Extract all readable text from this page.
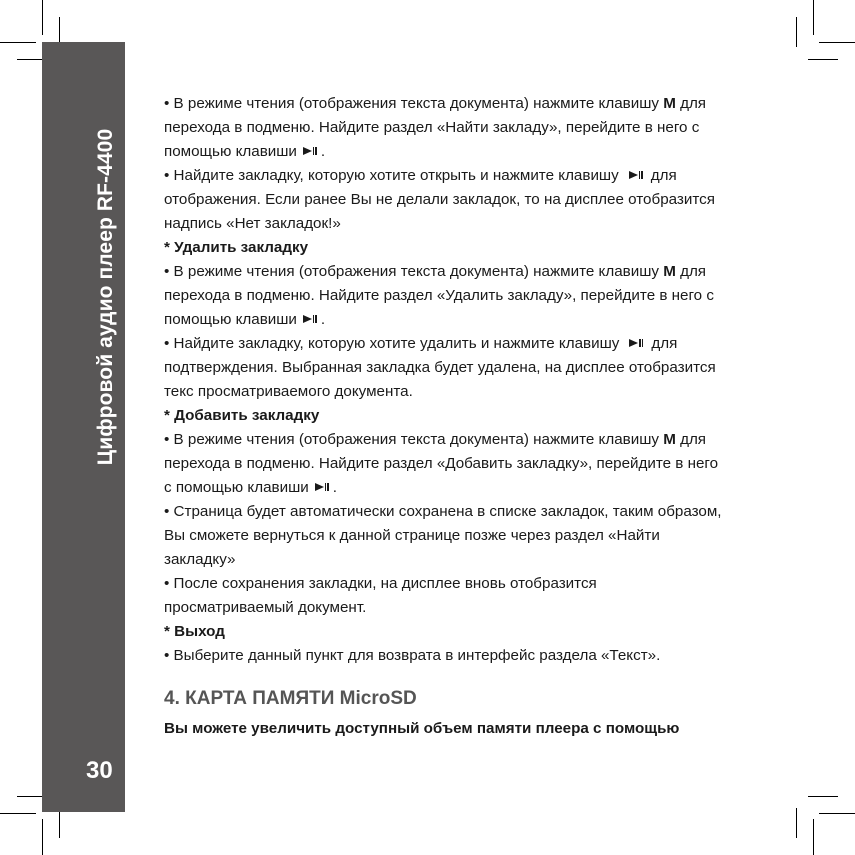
Цифровой аудио плеер RF-4400
30
• В режиме чтения (отображения текста документа) нажмите клавишу M для
перехода в подменю. Найдите раздел «Найти закладу», перейдите в него с
помощью клавиши .
• Найдите закладку, которую хотите открыть и нажмите клавишу для
отображения. Если ранее Вы не делали закладок, то на дисплее отобразится
надпись «Нет закладок!»
* Удалить закладку
• В режиме чтения (отображения текста документа) нажмите клавишу M для
перехода в подменю. Найдите раздел «Удалить закладу», перейдите в него с
помощью клавиши .
• Найдите закладку, которую хотите удалить и нажмите клавишу для
подтверждения. Выбранная закладка будет удалена, на дисплее отобразится
текс просматриваемого документа.
* Добавить закладку
• В режиме чтения (отображения текста документа) нажмите клавишу M для
перехода в подменю. Найдите раздел «Добавить закладку», перейдите в него
с помощью клавиши .
• Страница будет автоматически сохранена в списке закладок, таким образом,
Вы сможете вернуться к данной странице позже через раздел «Найти
закладку»
• После сохранения закладки, на дисплее вновь отобразится
просматриваемый документ.
* Выход
• Выберите данный пункт для возврата в интерфейс раздела «Текст».
4. КАРТА ПАМЯТИ MicroSD
Вы можете увеличить доступный объем памяти плеера с помощью
